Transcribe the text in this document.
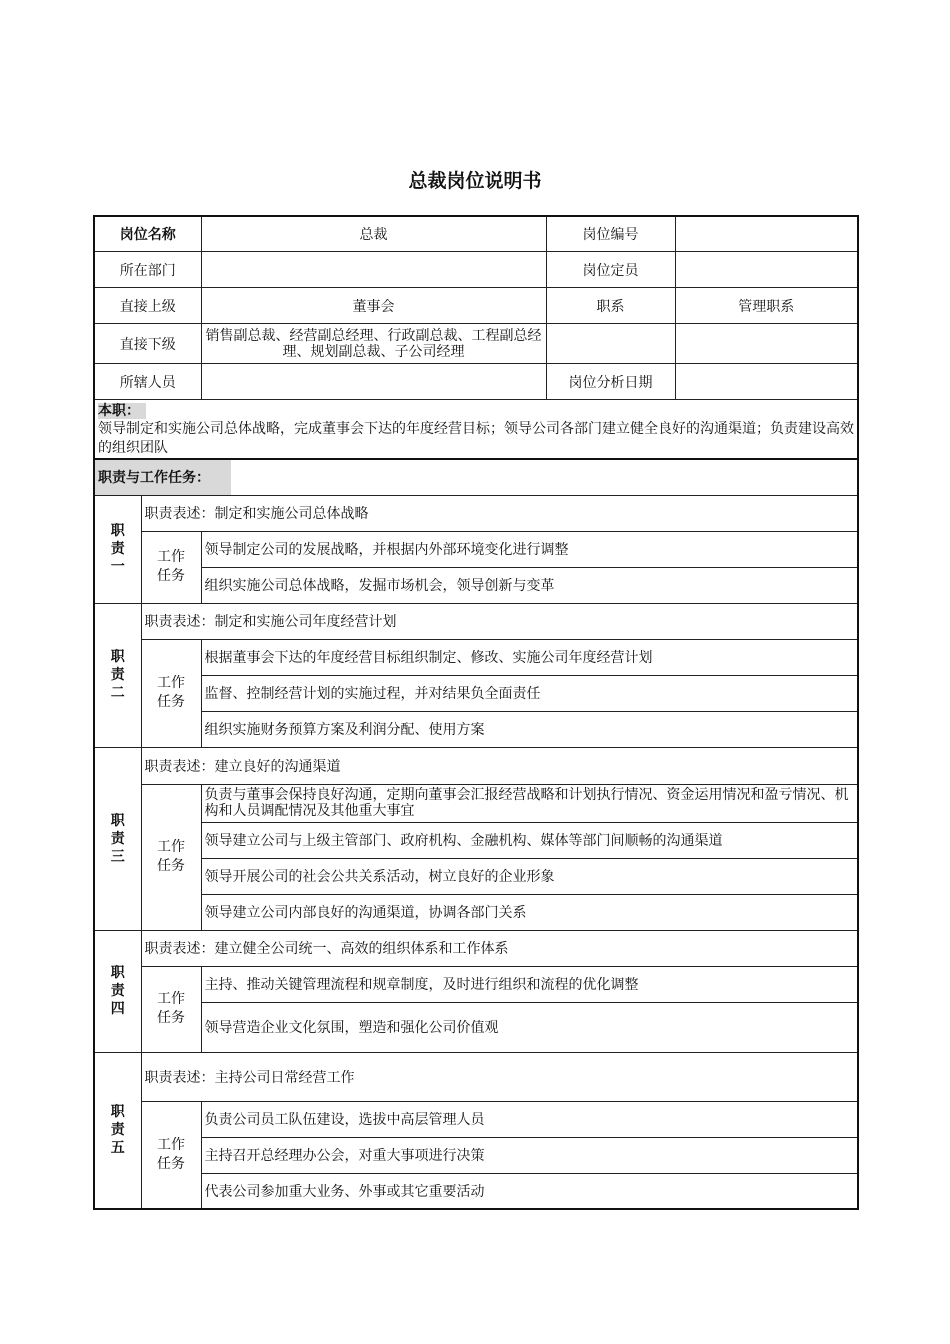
总裁岗位说明书
岗位名称		总裁	岗位编号	
所在部门			岗位定员	
直接上级		董事会	职系	管理职系
直接下级		销售副总裁、经营副总经理、行政副总裁、工程副总经理、规划副总裁、子公司经理		
所辖人员			岗位分析日期	

本职：
领导制定和实施公司总体战略，完成董事会下达的年度经营目标；领导公司各部门建立健全良好的沟通渠道；负责建设高效的组织团队				

职责与工作任务：				

职责一	职责表述：制定和实施公司总体战略			

	工作任务	领导制定公司的发展战略，并根据内外部环境变化进行调整		
		组织实施公司总体战略，发掘市场机会，领导创新与变革		

职责二	职责表述：制定和实施公司年度经营计划			

	工作任务	根据董事会下达的年度经营目标组织制定、修改、实施公司年度经营计划		
		监督、控制经营计划的实施过程，并对结果负全面责任		
		组织实施财务预算方案及利润分配、使用方案		

职责三	职责表述：建立良好的沟通渠道			

	工作任务	负责与董事会保持良好沟通，定期向董事会汇报经营战略和计划执行情况、资金运用情况和盈亏情况、机构和人员调配情况及其他重大事宜		
		领导建立公司与上级主管部门、政府机构、金融机构、媒体等部门间顺畅的沟通渠道		
		领导开展公司的社会公共关系活动，树立良好的企业形象		
		领导建立公司内部良好的沟通渠道，协调各部门关系		

职责四	职责表述：建立健全公司统一、高效的组织体系和工作体系			

	工作任务	主持、推动关键管理流程和规章制度，及时进行组织和流程的优化调整		
		领导营造企业文化氛围，塑造和强化公司价值观		

职责五	职责表述：主持公司日常经营工作			

	工作任务	负责公司员工队伍建设，选拔中高层管理人员		
		主持召开总经理办公会，对重大事项进行决策		
		代表公司参加重大业务、外事或其它重要活动		
